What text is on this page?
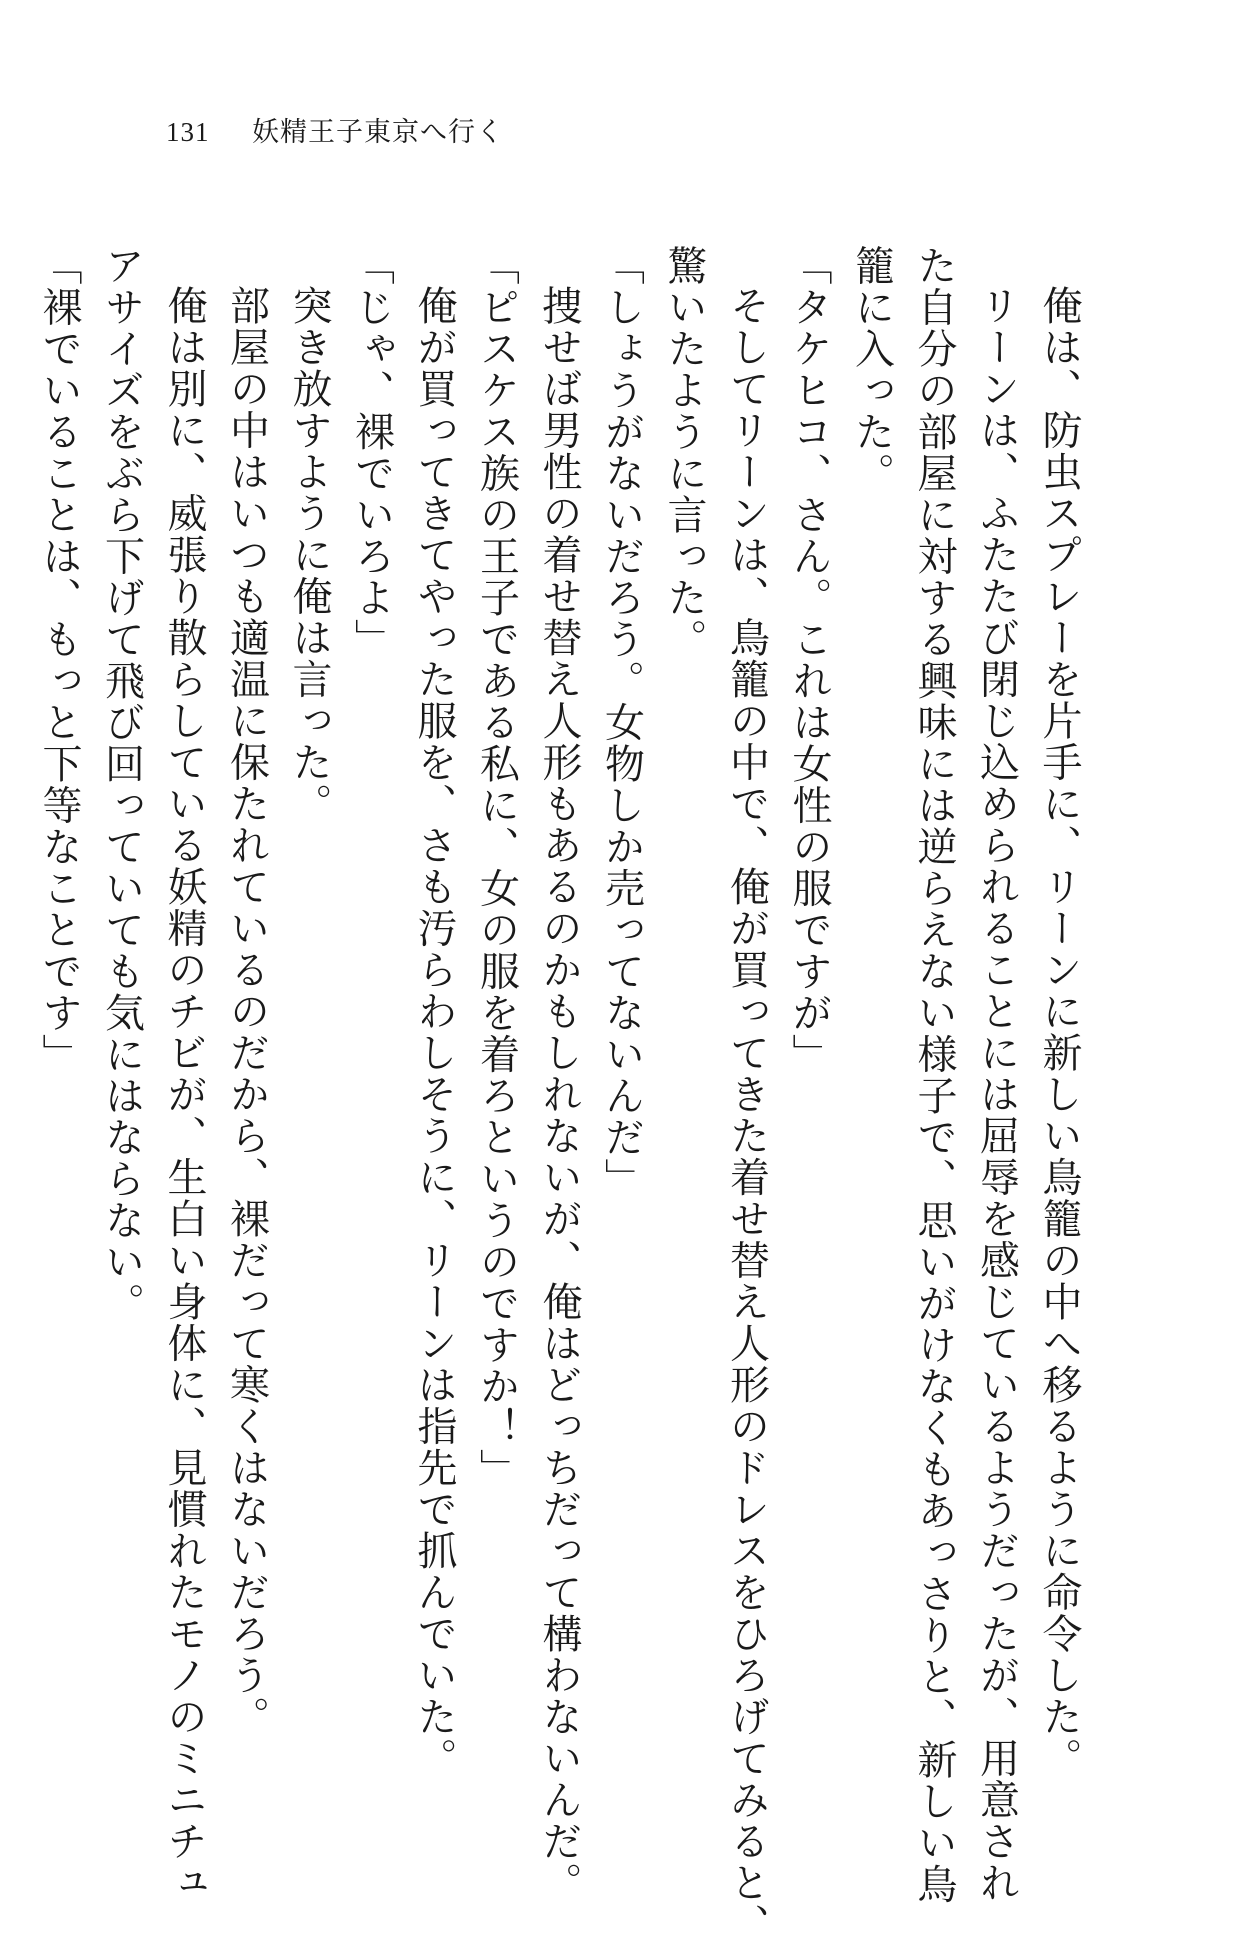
131	妖精王子東京へ行く
俺は、防虫スプレーを片手に、リーンに新しい鳥籠の中へ移るように命令した。
リーンは、ふたたび閉じ込められることには屈辱を感じているようだったが、用意され
た自分の部屋に対する興味には逆らえない様子で、思いがけなくもあっさりと、新しい鳥
籠に入った。
「タケヒコ、さん。これは女性の服ですが」
そしてリーンは、鳥籠の中で、俺が買ってきた着せ替え人形のドレスをひろげてみると、
驚いたように言った。
「しょうがないだろう。女物しか売ってないんだ」
捜せば男性の着せ替え人形もあるのかもしれないが、俺はどっちだって構わないんだ。
「ピスケス族の王子である私に、女の服を着ろというのですか！」
俺が買ってきてやった服を、さも汚らわしそうに、リーンは指先で抓んでいた。
「じゃ、裸でいろよ」
突き放すように俺は言った。
部屋の中はいつも適温に保たれているのだから、裸だって寒くはないだろう。
俺は別に、威張り散らしている妖精のチビが、生白い身体に、見慣れたモノのミニチュ
アサイズをぶら下げて飛び回っていても気にはならない。
「裸でいることは、もっと下等なことです」
